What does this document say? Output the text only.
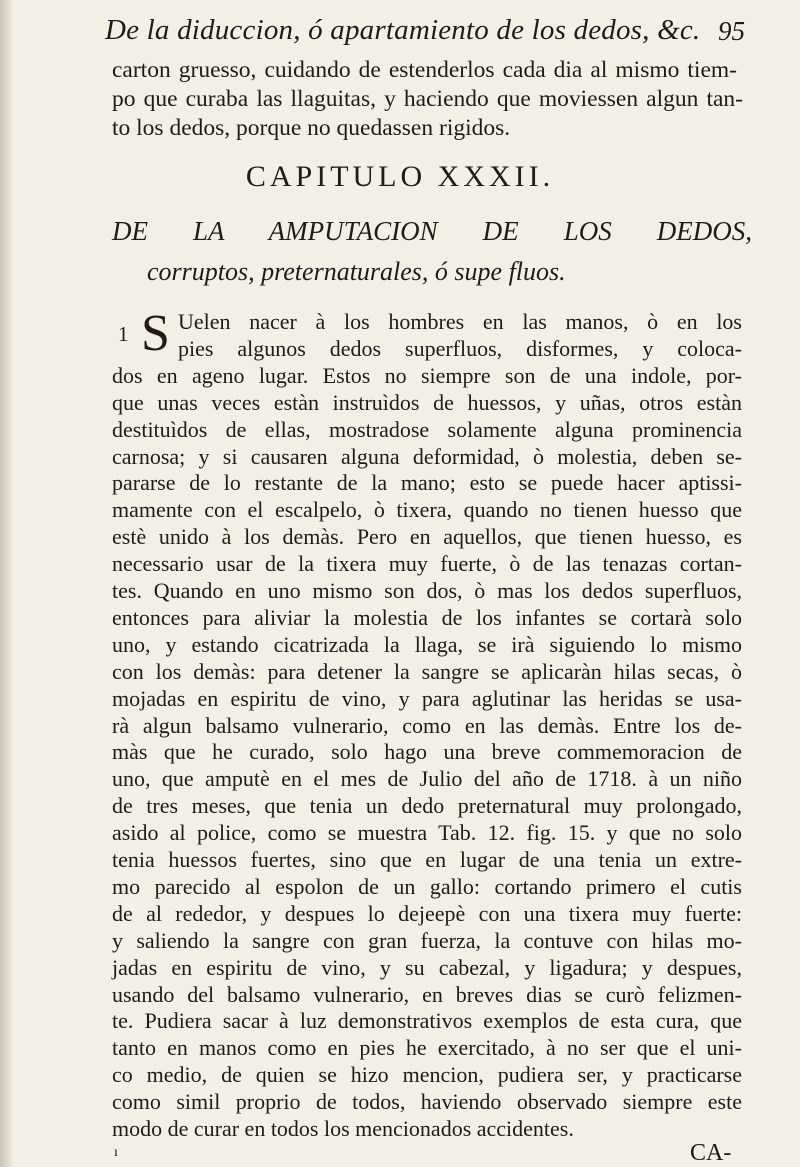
De la diduccion, ó apartamiento de los dedos, &c. 95
carton gruesso, cuidando de estenderlos cada dia al mismo tiem-
po que curaba las llaguitas, y haciendo que moviessen algun tan-
to los dedos, porque no quedassen rigidos.
CAPITULO XXXII.
DE LA AMPUTACION DE LOS DEDOS,
corruptos, preternaturales, ó supe fluos.
1 S Uelen nacer à los hombres en las manos, ò en los
pies algunos dedos superfluos, disformes, y coloca-
dos en ageno lugar. Estos no siempre son de una indole, por-
que unas veces estàn instruìdos de huessos, y uñas, otros estàn
destituìdos de ellas, mostradose solamente alguna prominencia
carnosa; y si causaren alguna deformidad, ò molestia, deben se-
pararse de lo restante de la mano; esto se puede hacer aptissi-
mamente con el escalpelo, ò tixera, quando no tienen huesso que
estè unido à los demàs. Pero en aquellos, que tienen huesso, es
necessario usar de la tixera muy fuerte, ò de las tenazas cortan-
tes. Quando en uno mismo son dos, ò mas los dedos superfluos,
entonces para aliviar la molestia de los infantes se cortarà solo
uno, y estando cicatrizada la llaga, se irà siguiendo lo mismo
con los demàs: para detener la sangre se aplicaràn hilas secas, ò
mojadas en espiritu de vino, y para aglutinar las heridas se usa-
rà algun balsamo vulnerario, como en las demàs. Entre los de-
màs que he curado, solo hago una breve commemoracion de
uno, que amputè en el mes de Julio del año de 1718. à un niño
de tres meses, que tenia un dedo preternatural muy prolongado,
asido al police, como se muestra Tab. 12. fig. 15. y que no solo
tenia huessos fuertes, sino que en lugar de una tenia un extre-
mo parecido al espolon de un gallo: cortando primero el cutis
de al rededor, y despues lo dejeepè con una tixera muy fuerte:
y saliendo la sangre con gran fuerza, la contuve con hilas mo-
jadas en espiritu de vino, y su cabezal, y ligadura; y despues,
usando del balsamo vulnerario, en breves dias se curò felizmen-
te. Pudiera sacar à luz demonstrativos exemplos de esta cura, que
tanto en manos como en pies he exercitado, à no ser que el uni-
co medio, de quien se hizo mencion, pudiera ser, y practicarse
como simil proprio de todos, haviendo observado siempre este
modo de curar en todos los mencionados accidentes.
CA-
ı
